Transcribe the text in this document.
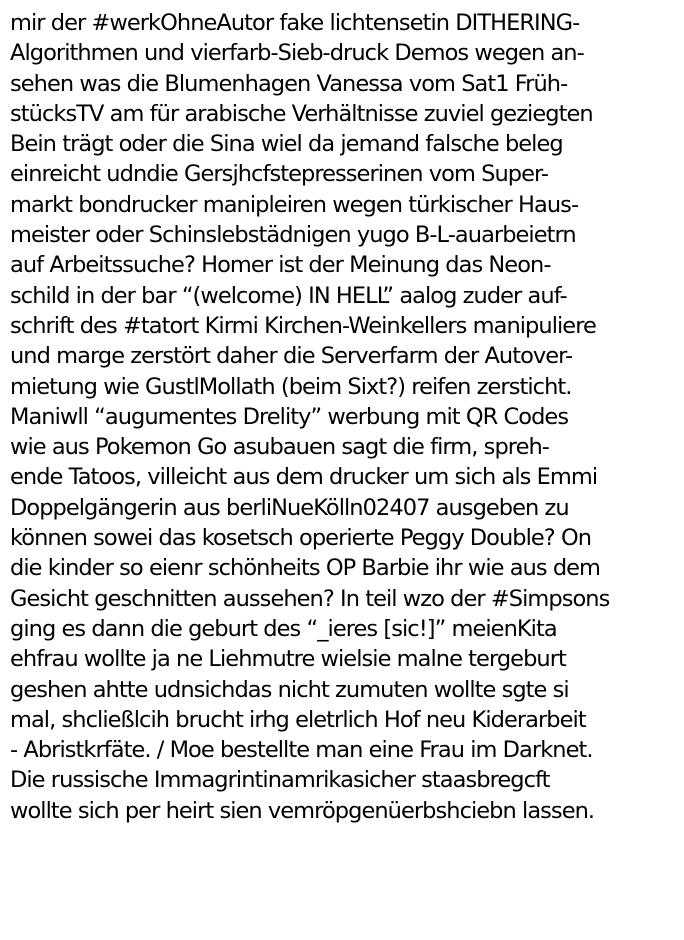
mir der #werkOhneAutor fake lichtensetin DITHERING-
Algorithmen und vierfarb-Sieb-druck Demos wegen an-
sehen was die Blumenhagen Vanessa vom Sat1 Früh-
stücksTV am für arabische Verhältnisse zuviel geziegten
Bein trägt oder die Sina wiel da jemand falsche beleg
einreicht udndie Gersjhcfstepresserinen vom Super-
markt bondrucker manipleiren wegen türkischer Haus-
meister oder Schinslebstädnigen yugo B-L-auarbeietrn
auf Arbeitssuche? Homer ist der Meinung das Neon-
schild in der bar “(welcome) IN HELL” aalog zuder auf-
schrift des #tatort Kirmi Kirchen-Weinkellers manipuliere
und marge zerstört daher die Serverfarm der Autover-
mietung wie GustlMollath (beim Sixt?) reifen zersticht.
Maniwll “augumentes Drelity” werbung mit QR Codes
wie aus Pokemon Go asubauen sagt die firm, spreh-
ende Tatoos, villeicht aus dem drucker um sich als Emmi
Doppelgängerin aus berliNueKölln02407 ausgeben zu
können sowei das kosetsch operierte Peggy Double? On
die kinder so eienr schönheits OP Barbie ihr wie aus dem
Gesicht geschnitten aussehen? In teil wzo der #Simpsons
ging es dann die geburt des “_ieres [sic!]” meienKita
ehfrau wollte ja ne Liehmutre wielsie malne tergeburt
geshen ahtte udnsichdas nicht zumuten wollte sgte si
mal, shcließlcih brucht irhg eletrlich Hof neu Kiderarbeit
- Abristkrfäte. / Moe bestellte man eine Frau im Darknet.
Die russische Immagrintinamrikasicher staasbregcft
wollte sich per heirt sien vemröpgenüerbshciebn lassen.
